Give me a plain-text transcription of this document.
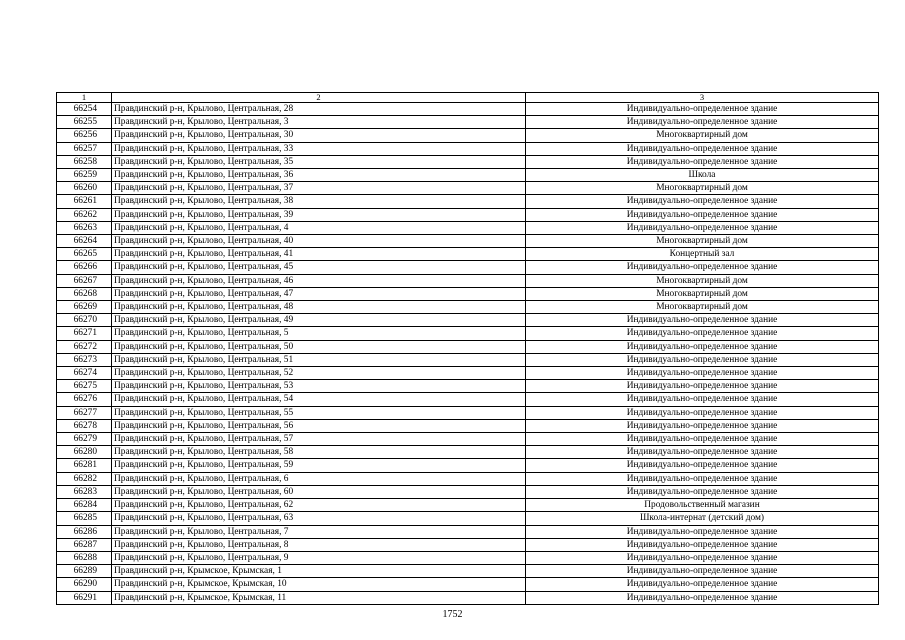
1	2	3
66254	Правдинский р-н, Крылово, Центральная, 28	Индивидуально-определенное здание
66255	Правдинский р-н, Крылово, Центральная, 3	Индивидуально-определенное здание
66256	Правдинский р-н, Крылово, Центральная, 30	Многоквартирный дом
66257	Правдинский р-н, Крылово, Центральная, 33	Индивидуально-определенное здание
66258	Правдинский р-н, Крылово, Центральная, 35	Индивидуально-определенное здание
66259	Правдинский р-н, Крылово, Центральная, 36	Школа
66260	Правдинский р-н, Крылово, Центральная, 37	Многоквартирный дом
66261	Правдинский р-н, Крылово, Центральная, 38	Индивидуально-определенное здание
66262	Правдинский р-н, Крылово, Центральная, 39	Индивидуально-определенное здание
66263	Правдинский р-н, Крылово, Центральная, 4	Индивидуально-определенное здание
66264	Правдинский р-н, Крылово, Центральная, 40	Многоквартирный дом
66265	Правдинский р-н, Крылово, Центральная, 41	Концертный зал
66266	Правдинский р-н, Крылово, Центральная, 45	Индивидуально-определенное здание
66267	Правдинский р-н, Крылово, Центральная, 46	Многоквартирный дом
66268	Правдинский р-н, Крылово, Центральная, 47	Многоквартирный дом
66269	Правдинский р-н, Крылово, Центральная, 48	Многоквартирный дом
66270	Правдинский р-н, Крылово, Центральная, 49	Индивидуально-определенное здание
66271	Правдинский р-н, Крылово, Центральная, 5	Индивидуально-определенное здание
66272	Правдинский р-н, Крылово, Центральная, 50	Индивидуально-определенное здание
66273	Правдинский р-н, Крылово, Центральная, 51	Индивидуально-определенное здание
66274	Правдинский р-н, Крылово, Центральная, 52	Индивидуально-определенное здание
66275	Правдинский р-н, Крылово, Центральная, 53	Индивидуально-определенное здание
66276	Правдинский р-н, Крылово, Центральная, 54	Индивидуально-определенное здание
66277	Правдинский р-н, Крылово, Центральная, 55	Индивидуально-определенное здание
66278	Правдинский р-н, Крылово, Центральная, 56	Индивидуально-определенное здание
66279	Правдинский р-н, Крылово, Центральная, 57	Индивидуально-определенное здание
66280	Правдинский р-н, Крылово, Центральная, 58	Индивидуально-определенное здание
66281	Правдинский р-н, Крылово, Центральная, 59	Индивидуально-определенное здание
66282	Правдинский р-н, Крылово, Центральная, 6	Индивидуально-определенное здание
66283	Правдинский р-н, Крылово, Центральная, 60	Индивидуально-определенное здание
66284	Правдинский р-н, Крылово, Центральная, 62	Продовольственный магазин
66285	Правдинский р-н, Крылово, Центральная, 63	Школа-интернат (детский дом)
66286	Правдинский р-н, Крылово, Центральная, 7	Индивидуально-определенное здание
66287	Правдинский р-н, Крылово, Центральная, 8	Индивидуально-определенное здание
66288	Правдинский р-н, Крылово, Центральная, 9	Индивидуально-определенное здание
66289	Правдинский р-н, Крымское, Крымская, 1	Индивидуально-определенное здание
66290	Правдинский р-н, Крымское, Крымская, 10	Индивидуально-определенное здание
66291	Правдинский р-н, Крымское, Крымская, 11	Индивидуально-определенное здание
1752
